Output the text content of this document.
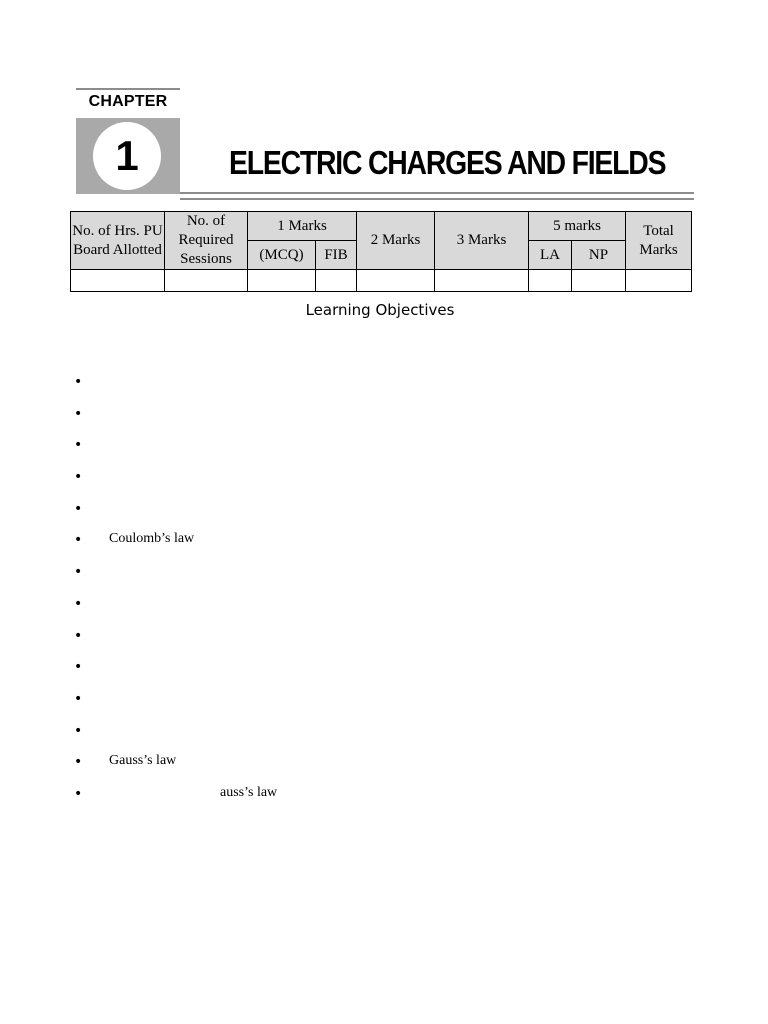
CHAPTER
1	ELECTRIC CHARGES AND FIELDS
No. of Hrs. PU Board Allotted	No. of Required Sessions	1 Marks		2 Marks	3 Marks	5 marks		Total Marks
		(MCQ)	FIB			LA	NP	

Learning Objectives
•
•
•
•
•
• Coulomb’s law
•
•
•
•
•
•
• Gauss’s law
•	auss’s law
